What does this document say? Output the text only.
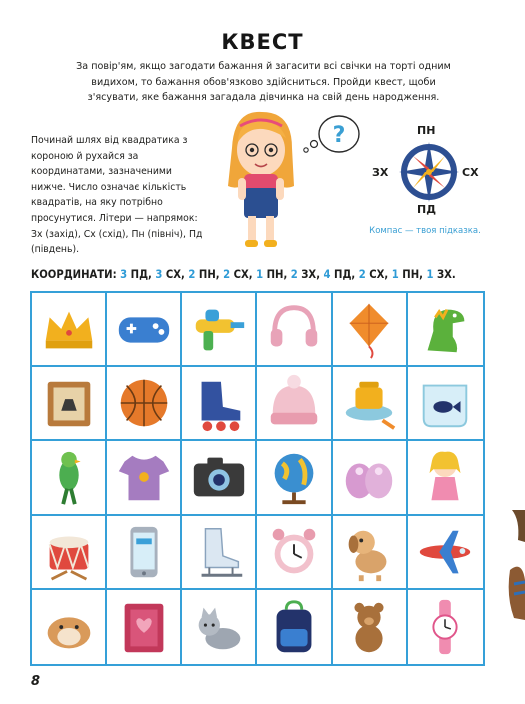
КВЕСТ
За повір'ям, якщо загодати бажання й загасити всі свічки на торті одним видихом, то бажання обов'язково здійсниться. Пройди квест, щоби з'ясувати, яке бажання загадала дівчинка на свій день народження.

Починай шлях від квадратика з короною й рухайся за координатами, зазначеними нижче. Число означає кількість квадратів, на яку потрібно просунутися. Літери — напрямок: Зх (захід), Сх (схід), Пн (північ), Пд (південь).

?	ПН
ПД
СХ
ЗХ
Компас — твоя підказка.
КООРДИНАТИ: 3 ПД, 3 СХ, 2 ПН, 2 СХ, 1 ПН, 2 ЗХ, 4 ПД, 2 СХ, 1 ПН, 1 ЗХ.
8
